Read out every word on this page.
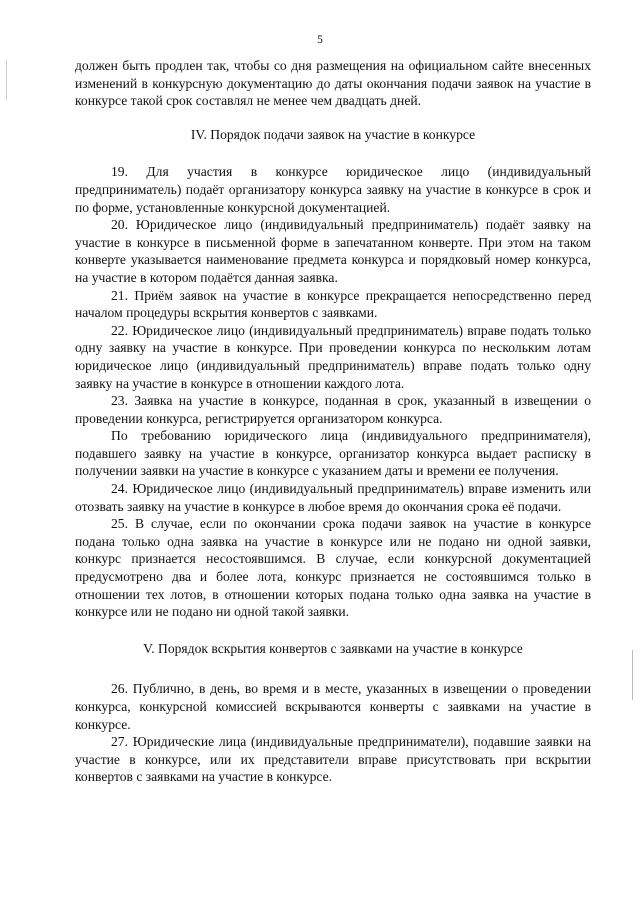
5

должен быть продлен так, чтобы со дня размещения на официальном сайте внесенных изменений в конкурсную документацию до даты окончания подачи заявок на участие в конкурсе такой срок составлял не менее чем двадцать дней.

IV. Порядок подачи заявок на участие в конкурсе

19. Для участия в конкурсе юридическое лицо (индивидуальный предприниматель) подаёт организатору конкурса заявку на участие в конкурсе в срок и по форме, установленные конкурсной документацией.

20. Юридическое лицо (индивидуальный предприниматель) подаёт заявку на участие в конкурсе в письменной форме в запечатанном конверте. При этом на таком конверте указывается наименование предмета конкурса и порядковый номер конкурса, на участие в котором подаётся данная заявка.

21. Приём заявок на участие в конкурсе прекращается непосредственно перед началом процедуры вскрытия конвертов с заявками.

22. Юридическое лицо (индивидуальный предприниматель) вправе подать только одну заявку на участие в конкурсе. При проведении конкурса по нескольким лотам юридическое лицо (индивидуальный предприниматель) вправе подать только одну заявку на участие в конкурсе в отношении каждого лота.

23. Заявка на участие в конкурсе, поданная в срок, указанный в извещении о проведении конкурса, регистрируется организатором конкурса.

По требованию юридического лица (индивидуального предпринимателя), подавшего заявку на участие в конкурсе, организатор конкурса выдает расписку в получении заявки на участие в конкурсе с указанием даты и времени ее получения.

24. Юридическое лицо (индивидуальный предприниматель) вправе изменить или отозвать заявку на участие в конкурсе в любое время до окончания срока её подачи.

25. В случае, если по окончании срока подачи заявок на участие в конкурсе подана только одна заявка на участие в конкурсе или не подано ни одной заявки, конкурс признается несостоявшимся. В случае, если конкурсной документацией предусмотрено два и более лота, конкурс признается не состоявшимся только в отношении тех лотов, в отношении которых подана только одна заявка на участие в конкурсе или не подано ни одной такой заявки.

V. Порядок вскрытия конвертов с заявками на участие в конкурсе

26. Публично, в день, во время и в месте, указанных в извещении о проведении конкурса, конкурсной комиссией вскрываются конверты с заявками на участие в конкурсе.

27. Юридические лица (индивидуальные предприниматели), подавшие заявки на участие в конкурсе, или их представители вправе присутствовать при вскрытии конвертов с заявками на участие в конкурсе.
